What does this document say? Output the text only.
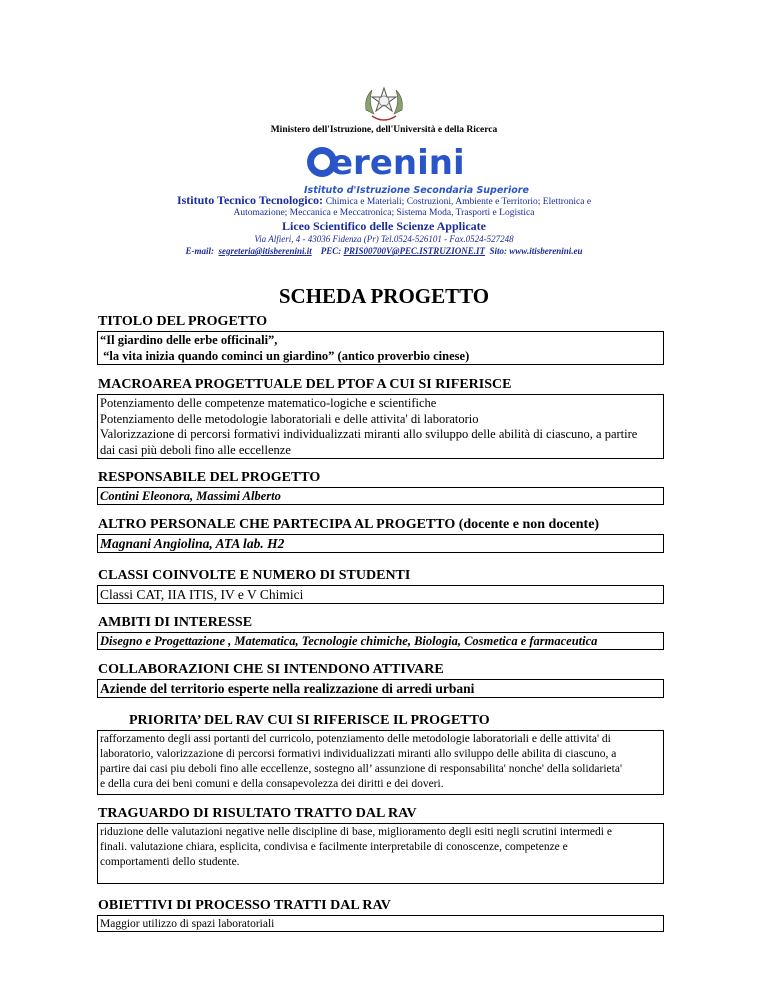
Ministero dell'Istruzione, dell'Università e della Ricerca
erenini
Istituto d'Istruzione Secondaria Superiore
Istituto Tecnico Tecnologico: Chimica e Materiali; Costruzioni, Ambiente e Territorio; Elettronica e
Automazione; Meccanica e Meccatronica; Sistema Moda, Trasporti e Logistica
Liceo Scientifico delle Scienze Applicate
Via Alfieri, 4 - 43036 Fidenza (Pr) Tel.0524-526101 - Fax.0524-527248
E-mail: segreteria@itisberenini.it PEC: PRIS00700V@PEC.ISTRUZIONE.IT Sito: www.itisberenini.eu
SCHEDA PROGETTO
TITOLO DEL PROGETTO
“Il giardino delle erbe officinali”,
“la vita inizia quando cominci un giardino” (antico proverbio cinese)
MACROAREA PROGETTUALE DEL PTOF A CUI SI RIFERISCE
Potenziamento delle competenze matematico-logiche e scientifiche
Potenziamento delle metodologie laboratoriali e delle attivita' di laboratorio
Valorizzazione di percorsi formativi individualizzati miranti allo sviluppo delle abilità di ciascuno, a partire
dai casi più deboli fino alle eccellenze
RESPONSABILE DEL PROGETTO
Contini Eleonora, Massimi Alberto
ALTRO PERSONALE CHE PARTECIPA AL PROGETTO (docente e non docente)
Magnani Angiolina, ATA lab. H2
CLASSI COINVOLTE E NUMERO DI STUDENTI
Classi CAT, IIA ITIS, IV e V Chimici
AMBITI DI INTERESSE
Disegno e Progettazione , Matematica, Tecnologie chimiche, Biologia, Cosmetica e farmaceutica
COLLABORAZIONI CHE SI INTENDONO ATTIVARE
Aziende del territorio esperte nella realizzazione di arredi urbani
PRIORITA’ DEL RAV CUI SI RIFERISCE IL PROGETTO
rafforzamento degli assi portanti del curricolo, potenziamento delle metodologie laboratoriali e delle attivita' di
laboratorio, valorizzazione di percorsi formativi individualizzati miranti allo sviluppo delle abilita di ciascuno, a
partire dai casi piu deboli fino alle eccellenze, sostegno all’ assunzione di responsabilita' nonche' della solidarieta'
e della cura dei beni comuni e della consapevolezza dei diritti e dei doveri.
TRAGUARDO DI RISULTATO TRATTO DAL RAV
riduzione delle valutazioni negative nelle discipline di base, miglioramento degli esiti negli scrutini intermedi e
finali. valutazione chiara, esplicita, condivisa e facilmente interpretabile di conoscenze, competenze e
comportamenti dello studente.
OBIETTIVI DI PROCESSO TRATTI DAL RAV
Maggior utilizzo di spazi laboratoriali
